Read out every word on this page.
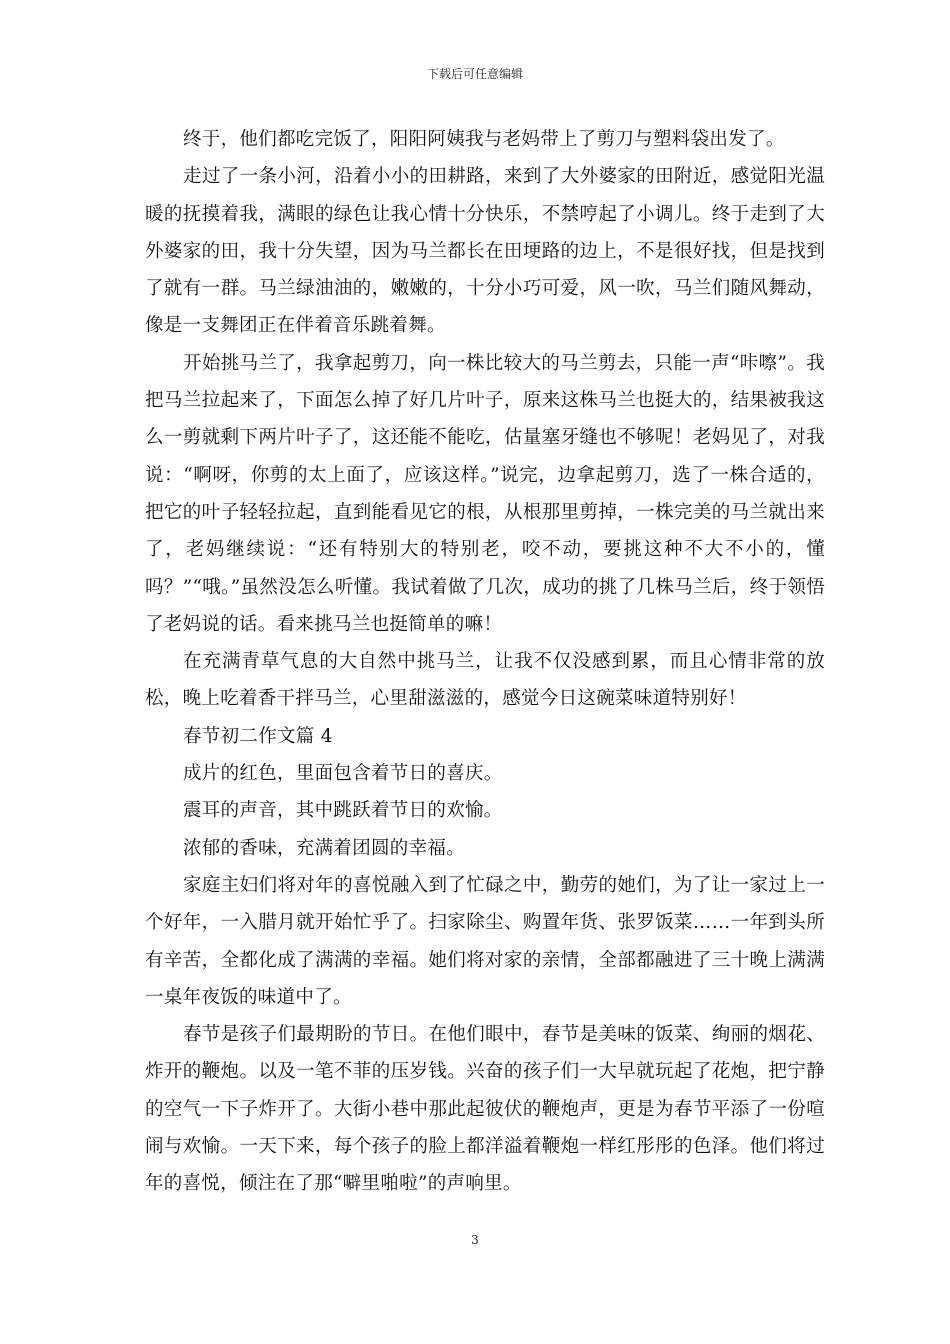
下载后可任意编辑

终于，他们都吃完饭了，阳阳阿姨我与老妈带上了剪刀与塑料袋出发了。

走过了一条小河，沿着小小的田耕路，来到了大外婆家的田附近，感觉阳光温暖的抚摸着我，满眼的绿色让我心情十分快乐，不禁哼起了小调儿。终于走到了大外婆家的田，我十分失望，因为马兰都长在田埂路的边上，不是很好找，但是找到了就有一群。马兰绿油油的，嫩嫩的，十分小巧可爱，风一吹，马兰们随风舞动，像是一支舞团正在伴着音乐跳着舞。

开始挑马兰了，我拿起剪刀，向一株比较大的马兰剪去，只能一声“咔嚓”。我把马兰拉起来了，下面怎么掉了好几片叶子，原来这株马兰也挺大的，结果被我这么一剪就剩下两片叶子了，这还能不能吃，估量塞牙缝也不够呢！老妈见了，对我说：“啊呀，你剪的太上面了，应该这样。”说完，边拿起剪刀，选了一株合适的，把它的叶子轻轻拉起，直到能看见它的根，从根那里剪掉，一株完美的马兰就出来了，老妈继续说：“还有特别大的特别老，咬不动，要挑这种不大不小的，懂吗？”“哦。”虽然没怎么听懂。我试着做了几次，成功的挑了几株马兰后，终于领悟了老妈说的话。看来挑马兰也挺简单的嘛！

在充满青草气息的大自然中挑马兰，让我不仅没感到累，而且心情非常的放松，晚上吃着香干拌马兰，心里甜滋滋的，感觉今日这碗菜味道特别好！

春节初二作文篇 4

成片的红色，里面包含着节日的喜庆。

震耳的声音，其中跳跃着节日的欢愉。

浓郁的香味，充满着团圆的幸福。

家庭主妇们将对年的喜悦融入到了忙碌之中，勤劳的她们，为了让一家过上一个好年，一入腊月就开始忙乎了。扫家除尘、购置年货、张罗饭菜……一年到头所有辛苦，全都化成了满满的幸福。她们将对家的亲情，全部都融进了三十晚上满满一桌年夜饭的味道中了。

春节是孩子们最期盼的节日。在他们眼中，春节是美味的饭菜、绚丽的烟花、炸开的鞭炮。以及一笔不菲的压岁钱。兴奋的孩子们一大早就玩起了花炮，把宁静的空气一下子炸开了。大街小巷中那此起彼伏的鞭炮声，更是为春节平添了一份喧闹与欢愉。一天下来，每个孩子的脸上都洋溢着鞭炮一样红彤彤的色泽。他们将过年的喜悦，倾注在了那“噼里啪啦”的声响里。

3
